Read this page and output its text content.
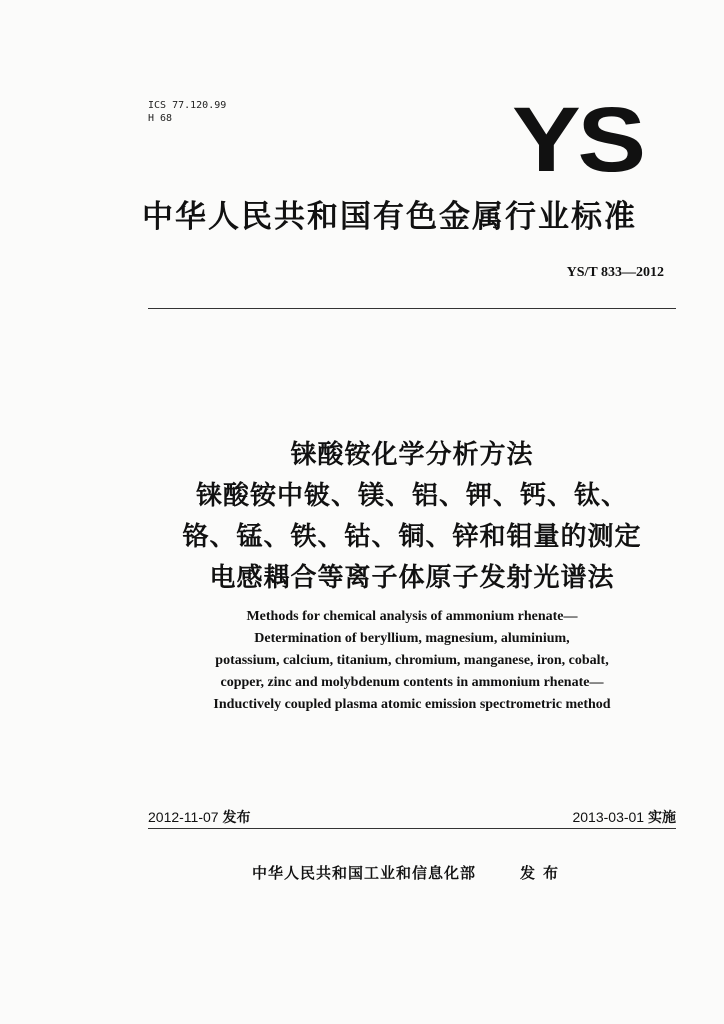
ICS 77.120.99
H 68	YS
中华人民共和国有色金属行业标准
YS/T 833—2012
铼酸铵化学分析方法
铼酸铵中铍、镁、铝、钾、钙、钛、
铬、锰、铁、钴、铜、锌和钼量的测定
电感耦合等离子体原子发射光谱法
Methods for chemical analysis of ammonium rhenate—
Determination of beryllium, magnesium, aluminium,
potassium, calcium, titanium, chromium, manganese, iron, cobalt,
copper, zinc and molybdenum contents in ammonium rhenate—
Inductively coupled plasma atomic emission spectrometric method
2012-11-07 发布	2013-03-01 实施
中华人民共和国工业和信息化部	发布
